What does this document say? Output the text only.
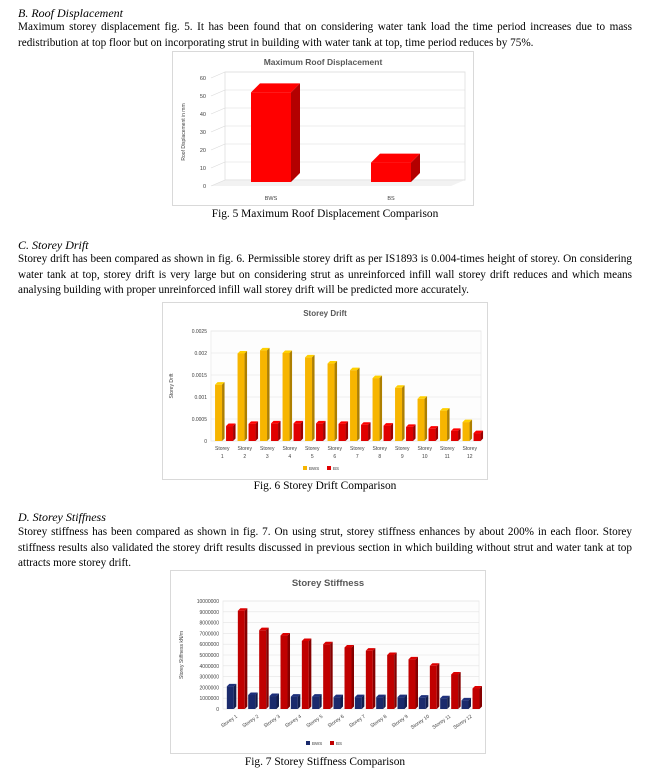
B. Roof Displacement
Maximum storey displacement fig. 5. It has been found that on considering water tank load the time period increases due to mass redistribution at top floor but on incorporating strut in building with water tank at top, time period reduces by 75%.
Maximum Roof Displacement
0
10
20
30
40
50
60
Roof Displacement in mm
BWS	BS
Fig. 5 Maximum Roof Displacement Comparison
C. Storey Drift
Storey drift has been compared as shown in fig. 6. Permissible storey drift as per IS1893 is 0.004-times height of storey. On considering water tank at top, storey drift is very large but on considering strut as unreinforced infill wall storey drift reduces and which means analysing building with proper unreinforced infill wall storey drift will be predicted more accurately.
Storey Drift
0
0.0005
0.001
0.0015
0.002
0.0025
Storey Drift
Storey
1
Storey
2
Storey
3
Storey
4
Storey
5
Storey
6
Storey
7
Storey
8
Storey
9
Storey
10
Storey
11
Storey
12
BWS	BS
Fig. 6 Storey Drift Comparison
D. Storey Stiffness
Storey stiffness has been compared as shown in fig. 7. On using strut, storey stiffness enhances by about 200% in each floor. Storey stiffness results also validated the storey drift results discussed in previous section in which building without strut and water tank at top attracts more storey drift.
Storey Stiffness
0
1000000
2000000
3000000
4000000
5000000
6000000
7000000
8000000
9000000
10000000
Storey Stiffness kN/m
Storey 1 Storey 2 Storey 3 Storey 4 Storey 5 Storey 6 Storey 7 Storey 8 Storey 9 Storey 10 Storey 11 Storey 12
BWS	BS
Fig. 7 Storey Stiffness Comparison
